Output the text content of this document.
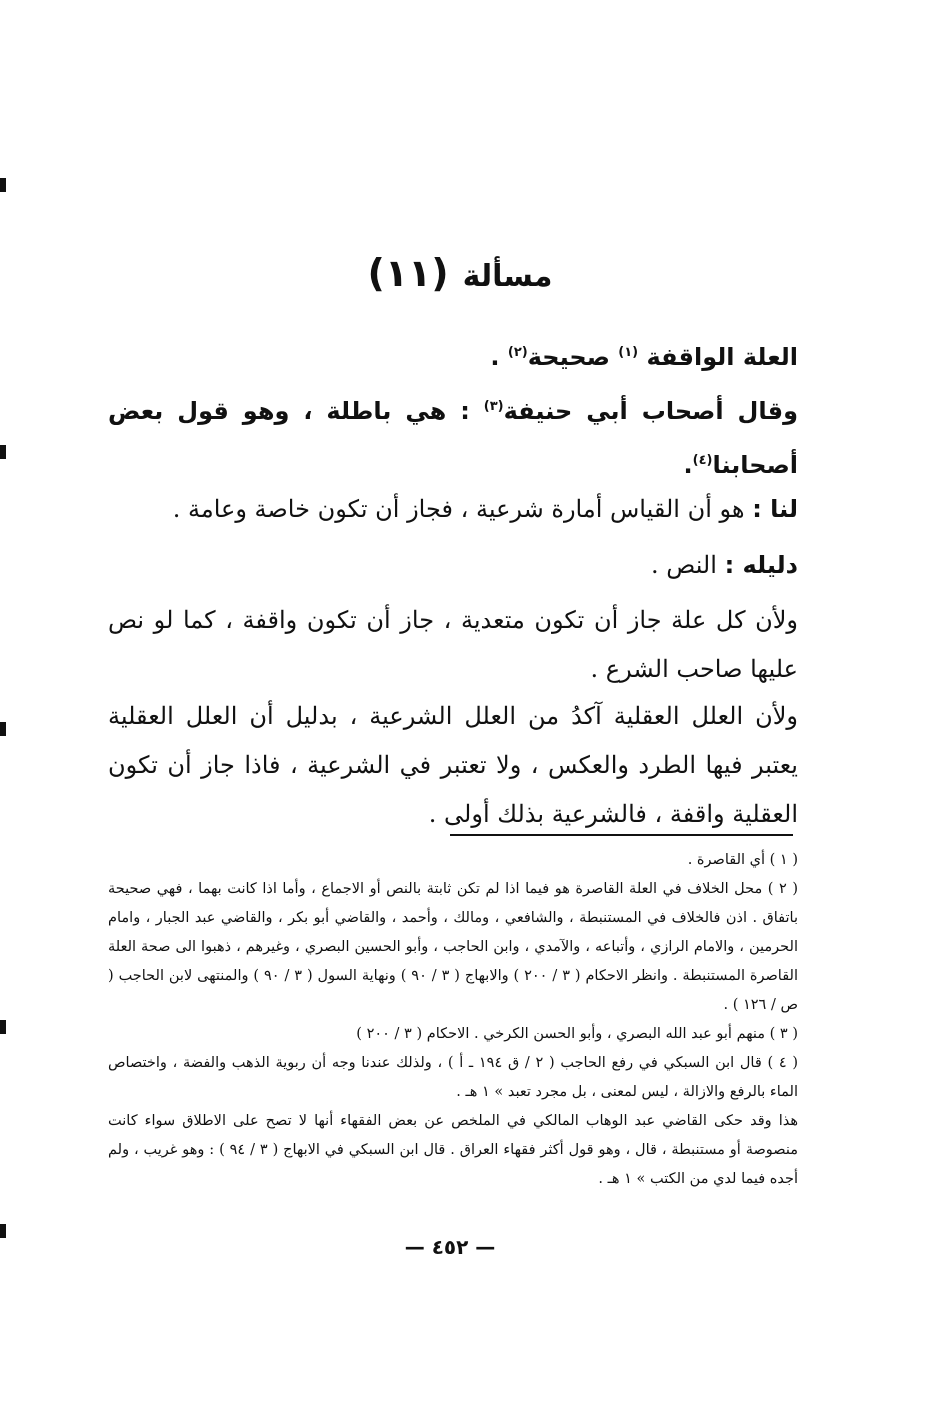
مسألة(١١)
العلة الواقفة $^{(١)}$ صحيحة$^{(٢)}$ .
وقال أصحاب أبي حنيفة$^{(٣)}$ : هي باطلة ، وهو قول بعض أصحابنا$^{(٤)}$.
لنا : هو أن القياس أمارة شرعية ، فجاز أن تكون خاصة وعامة .
دليله : النص .
ولأن كل علة جاز أن تكون متعدية ، جاز أن تكون واقفة ، كما لو نص عليها صاحب الشرع .
ولأن العلل العقلية آكدُ من العلل الشرعية ، بدليل أن العلل العقلية يعتبر فيها الطرد والعكس ، ولا تعتبر في الشرعية ، فاذا جاز أن تكون العقلية واقفة ، فالشرعية بذلك أولى .

( ١ ) أي القاصرة .

( ٢ ) محل الخلاف في العلة القاصرة هو فيما اذا لم تكن ثابتة بالنص أو الاجماع ، وأما اذا كانت بهما ، فهي صحيحة باتفاق . اذن فالخلاف في المستنبطة ، والشافعي ، ومالك ، وأحمد ، والقاضي أبو بكر ، والقاضي عبد الجبار ، وامام الحرمين ، والامام الرازي ، وأتباعه ، والآمدي ، وابن الحاجب ، وأبو الحسين البصري ، وغيرهم ، ذهبوا الى صحة العلة القاصرة المستنبطة . وانظر الاحكام ( ٣ / ٢٠٠ ) والابهاج ( ٣ / ٩٠ ) ونهاية السول ( ٣ / ٩٠ ) والمنتهى لابن الحاجب ( ص / ١٢٦ ) .

( ٣ ) منهم أبو عبد الله البصري ، وأبو الحسن الكرخي . الاحكام ( ٣ / ٢٠٠ )

( ٤ ) قال ابن السبكي في رفع الحاجب ( ٢ / ق ١٩٤ ـ أ ) ، ولذلك عندنا وجه أن ربوية الذهب والفضة ، واختصاص الماء بالرفع والازالة ، ليس لمعنى ، بل مجرد تعبد » ١ هـ .

هذا وقد حكى القاضي عبد الوهاب المالكي في الملخص عن بعض الفقهاء أنها لا تصح على الاطلاق سواء كانت منصوصة أو مستنبطة ، قال ، وهو قول أكثر فقهاء العراق . قال ابن السبكي في الابهاج ( ٣ / ٩٤ ) : وهو غريب ، ولم أجده فيما لدي من الكتب » ١ هـ .

— ٤٥٢ —
